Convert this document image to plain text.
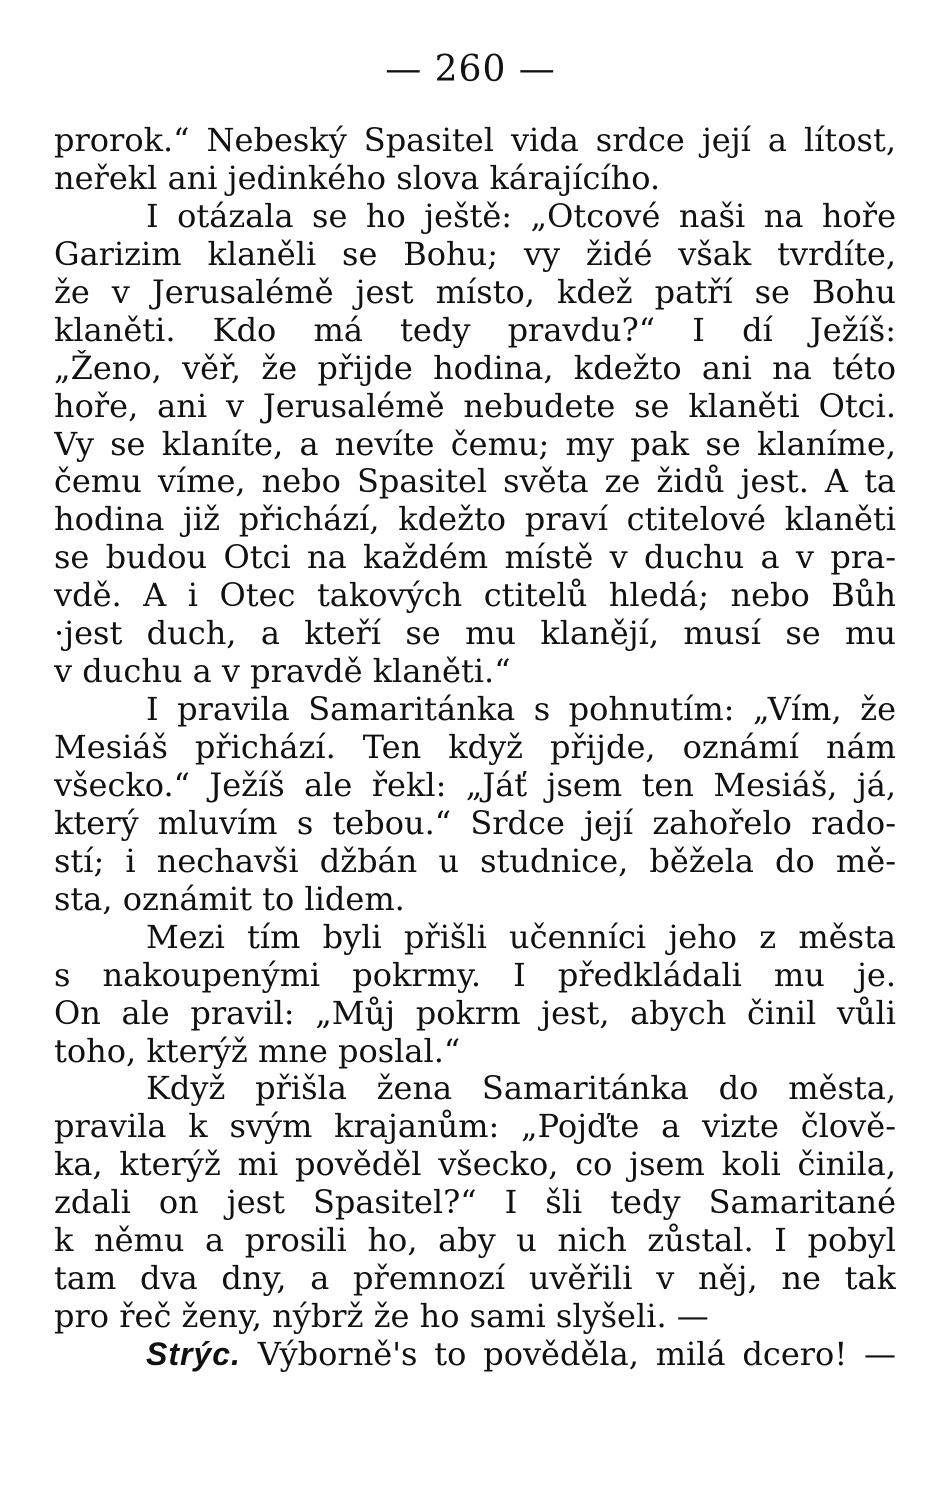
— 260 —
prorok.“ Nebeský Spasitel vida srdce její a lítost,
neřekl ani jedinkého slova kárajícího.
I otázala se ho ještě: „Otcové naši na hoře
Garizim klaněli se Bohu; vy židé však tvrdíte,
že v Jerusalémě jest místo, kdež patří se Bohu
klaněti. Kdo má tedy pravdu?“ I dí Ježíš:
„Ženo, věř, že přijde hodina, kdežto ani na této
hoře, ani v Jerusalémě nebudete se klaněti Otci.
Vy se klaníte, a nevíte čemu; my pak se klaníme,
čemu víme, nebo Spasitel světa ze židů jest. A ta
hodina již přichází, kdežto praví ctitelové klaněti
se budou Otci na každém místě v duchu a v pra-
vdě. A i Otec takových ctitelů hledá; nebo Bůh
·jest duch, a kteří se mu klanějí, musí se mu
v duchu a v pravdě klaněti.“
I pravila Samaritánka s pohnutím: „Vím, že
Mesiáš přichází. Ten když přijde, oznámí nám
všecko.“ Ježíš ale řekl: „Jáť jsem ten Mesiáš, já,
který mluvím s tebou.“ Srdce její zahořelo rado-
stí; i nechavši džbán u studnice, běžela do mě-
sta, oznámit to lidem.
Mezi tím byli přišli učenníci jeho z města
s nakoupenými pokrmy. I předkládali mu je.
On ale pravil: „Můj pokrm jest, abych činil vůli
toho, kterýž mne poslal.“
Když přišla žena Samaritánka do města,
pravila k svým krajanům: „Pojďte a vizte člově-
ka, kterýž mi pověděl všecko, co jsem koli činila,
zdali on jest Spasitel?“ I šli tedy Samaritané
k němu a prosili ho, aby u nich zůstal. I pobyl
tam dva dny, a přemnozí uvěřili v něj, ne tak
pro řeč ženy, nýbrž že ho sami slyšeli. —
Strýc. Výborně's to pověděla, milá dcero! —
